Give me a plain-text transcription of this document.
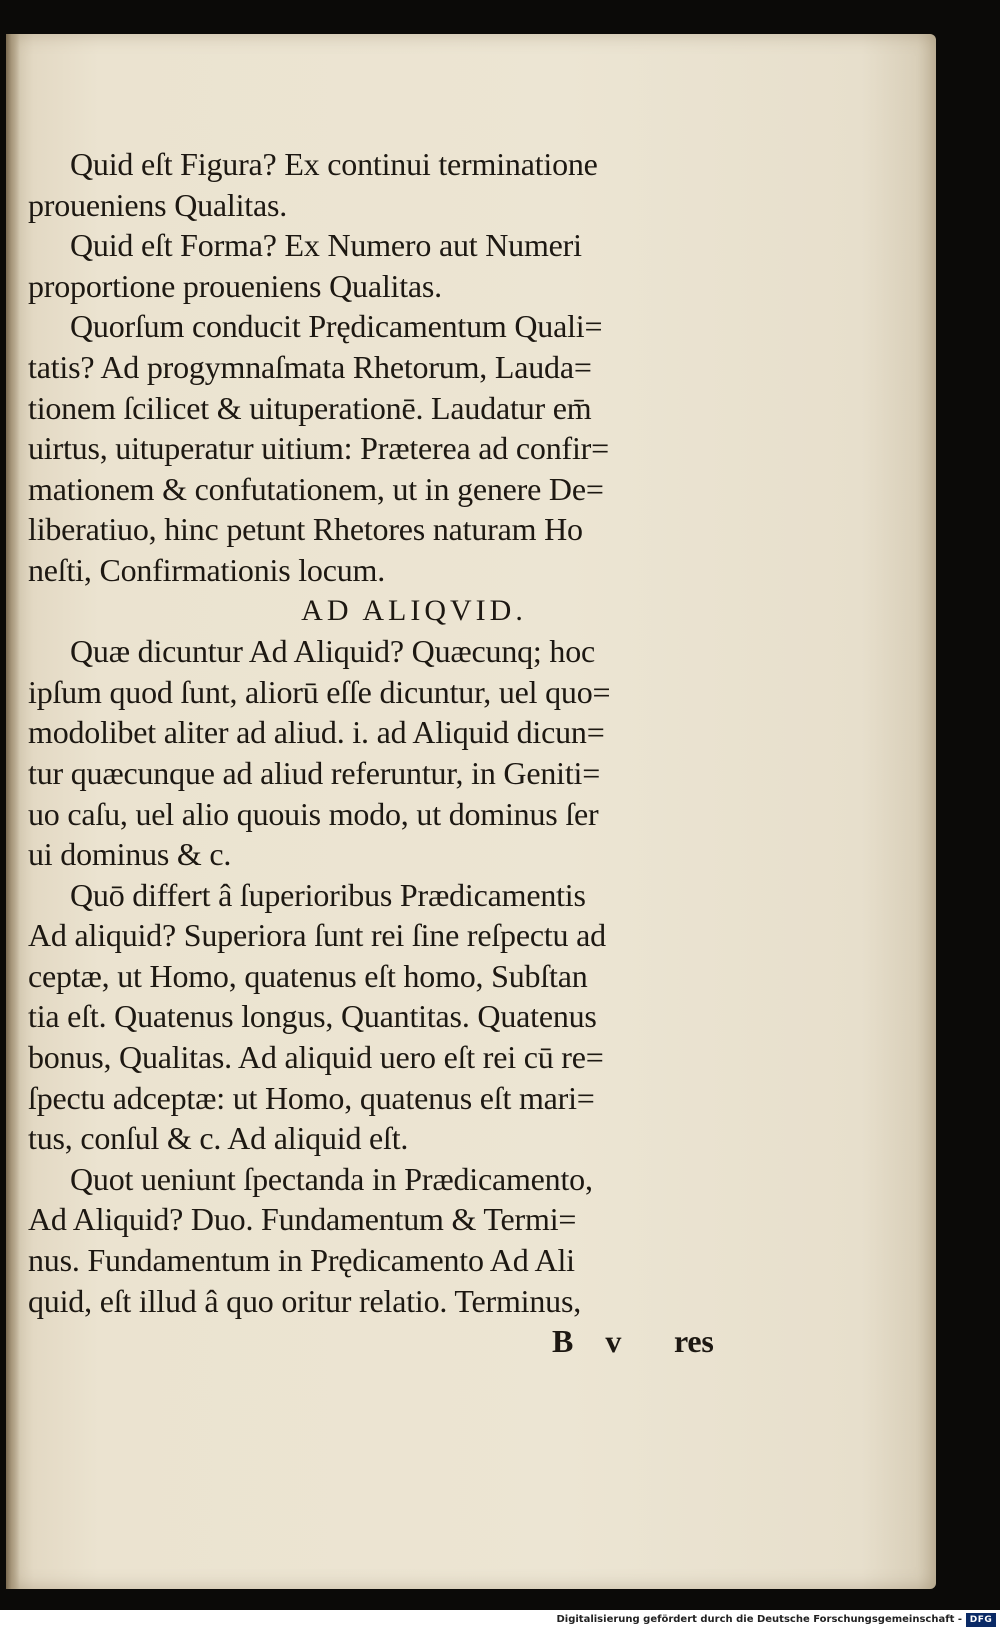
Quid eſt Figura? Ex continui terminatione
proueniens Qualitas.
Quid eſt Forma? Ex Numero aut Numeri
proportione proueniens Qualitas.
Quorſum conducit Prędicamentum Quali=
tatis? Ad progymnaſmata Rhetorum, Lauda=
tionem ſcilicet & uituperationē. Laudatur em̄
uirtus, uituperatur uitium: Præterea ad confir=
mationem & confutationem, ut in genere De=
liberatiuo, hinc petunt Rhetores naturam Ho
neſti, Confirmationis locum.
AD ALIQVID.
Quæ dicuntur Ad Aliquid? Quæcunq; hoc
ipſum quod ſunt, aliorū eſſe dicuntur, uel quo=
modolibet aliter ad aliud. i. ad Aliquid dicun=
tur quæcunque ad aliud referuntur, in Geniti=
uo caſu, uel alio quouis modo, ut dominus ſer
ui dominus & c.
Quō differt â ſuperioribus Prædicamentis
Ad aliquid? Superiora ſunt rei ſine reſpectu ad
ceptæ, ut Homo, quatenus eſt homo, Subſtan
tia eſt. Quatenus longus, Quantitas. Quatenus
bonus, Qualitas. Ad aliquid uero eſt rei cū re=
ſpectu adceptæ: ut Homo, quatenus eſt mari=
tus, conſul & c. Ad aliquid eſt.
Quot ueniunt ſpectanda in Prædicamento,
Ad Aliquid? Duo. Fundamentum & Termi=
nus. Fundamentum in Prędicamento Ad Ali
quid, eſt illud â quo oritur relatio. Terminus,
B v res
Digitalisierung gefördert durch die Deutsche Forschungsgemeinschaft - DFG
